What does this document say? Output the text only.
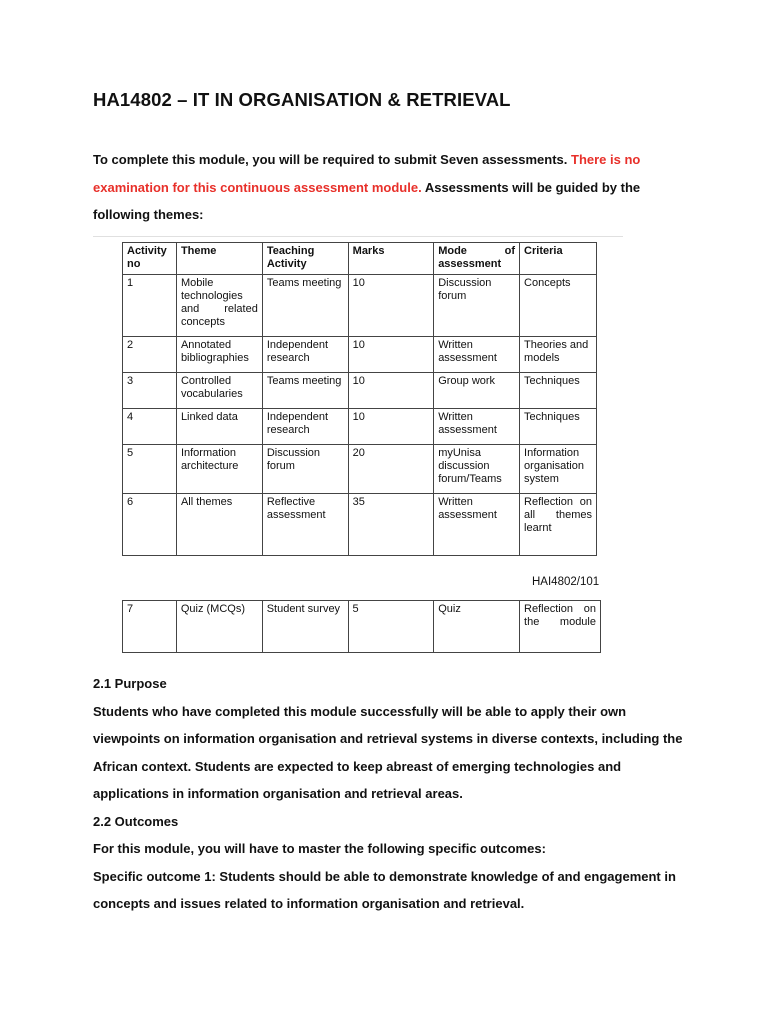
HA14802 – IT IN ORGANISATION & RETRIEVAL

To complete this module, you will be required to submit Seven assessments. There is no examination for this continuous assessment module. Assessments will be guided by the following themes:

Activity no	Theme	Teaching Activity	Marks	Mode of assessment	Criteria
1	Mobile technologies and related concepts	Teams meeting	10	Discussion forum	Concepts
2	Annotated bibliographies	Independent research	10	Written assessment	Theories and models
3	Controlled vocabularies	Teams meeting	10	Group work	Techniques
4	Linked data	Independent research	10	Written assessment	Techniques
5	Information architecture	Discussion forum	20	myUnisa discussion forum/Teams	Information organisation system
6	All themes	Reflective assessment	35	Written assessment	Reflection on all themes learnt
HAI4802/101
7	Quiz (MCQs)	Student survey	5	Quiz	Reflection on the module

2.1 Purpose

Students who have completed this module successfully will be able to apply their own viewpoints on information organisation and retrieval systems in diverse contexts, including the African context. Students are expected to keep abreast of emerging technologies and applications in information organisation and retrieval areas.

2.2 Outcomes

For this module, you will have to master the following specific outcomes:

Specific outcome 1: Students should be able to demonstrate knowledge of and engagement in concepts and issues related to information organisation and retrieval.
